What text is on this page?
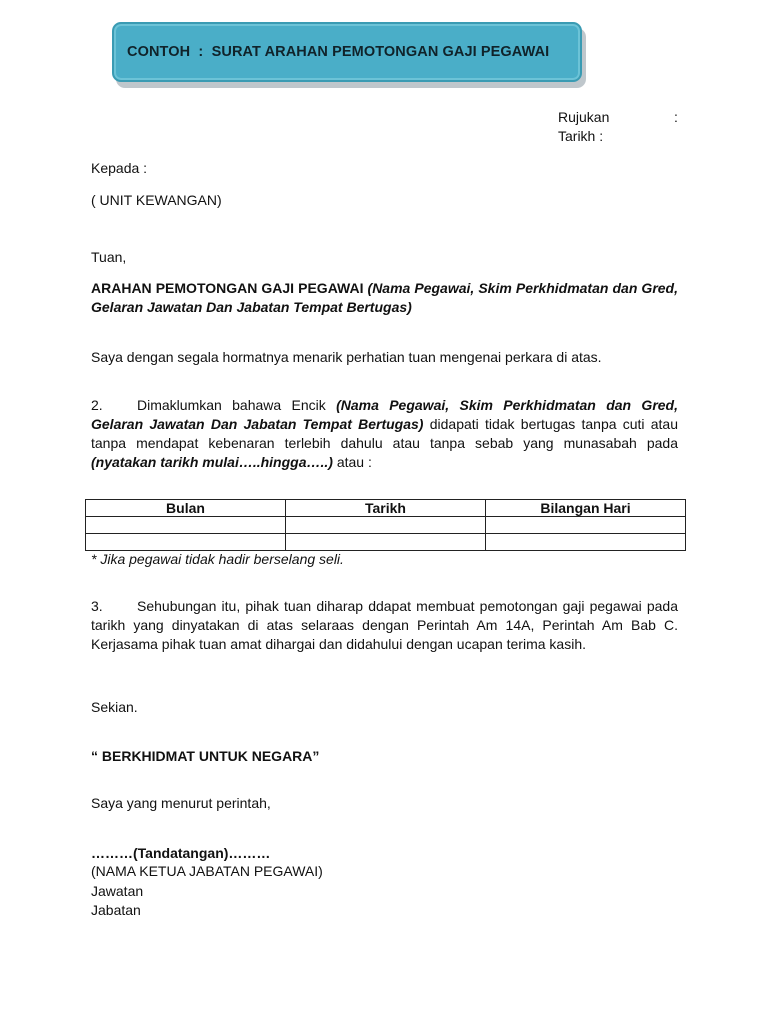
CONTOH  :  SURAT ARAHAN PEMOTONGAN GAJI PEGAWAI
Rujukan	:
Tarikh :
Kepada :
( UNIT KEWANGAN)
Tuan,
ARAHAN PEMOTONGAN GAJI PEGAWAI (Nama Pegawai, Skim Perkhidmatan dan Gred, Gelaran Jawatan Dan Jabatan Tempat Bertugas)
Saya dengan segala hormatnya menarik perhatian tuan mengenai perkara di atas.
2. Dimaklumkan bahawa Encik (Nama Pegawai, Skim Perkhidmatan dan Gred, Gelaran Jawatan Dan Jabatan Tempat Bertugas) didapati tidak bertugas tanpa cuti atau tanpa mendapat kebenaran terlebih dahulu atau tanpa sebab yang munasabah pada (nyatakan tarikh mulai…..hingga…..) atau :
Bulan	Tarikh	Bilangan Hari

* Jika pegawai tidak hadir berselang seli.
3. Sehubungan itu, pihak tuan diharap ddapat membuat pemotongan gaji pegawai pada tarikh yang dinyatakan di atas selaraas dengan Perintah Am 14A, Perintah Am Bab C. Kerjasama pihak tuan amat dihargai dan didahului dengan ucapan terima kasih.
Sekian.
“ BERKHIDMAT UNTUK NEGARA”
Saya yang menurut perintah,
………(Tandatangan)………
(NAMA KETUA JABATAN PEGAWAI)
Jawatan
Jabatan
